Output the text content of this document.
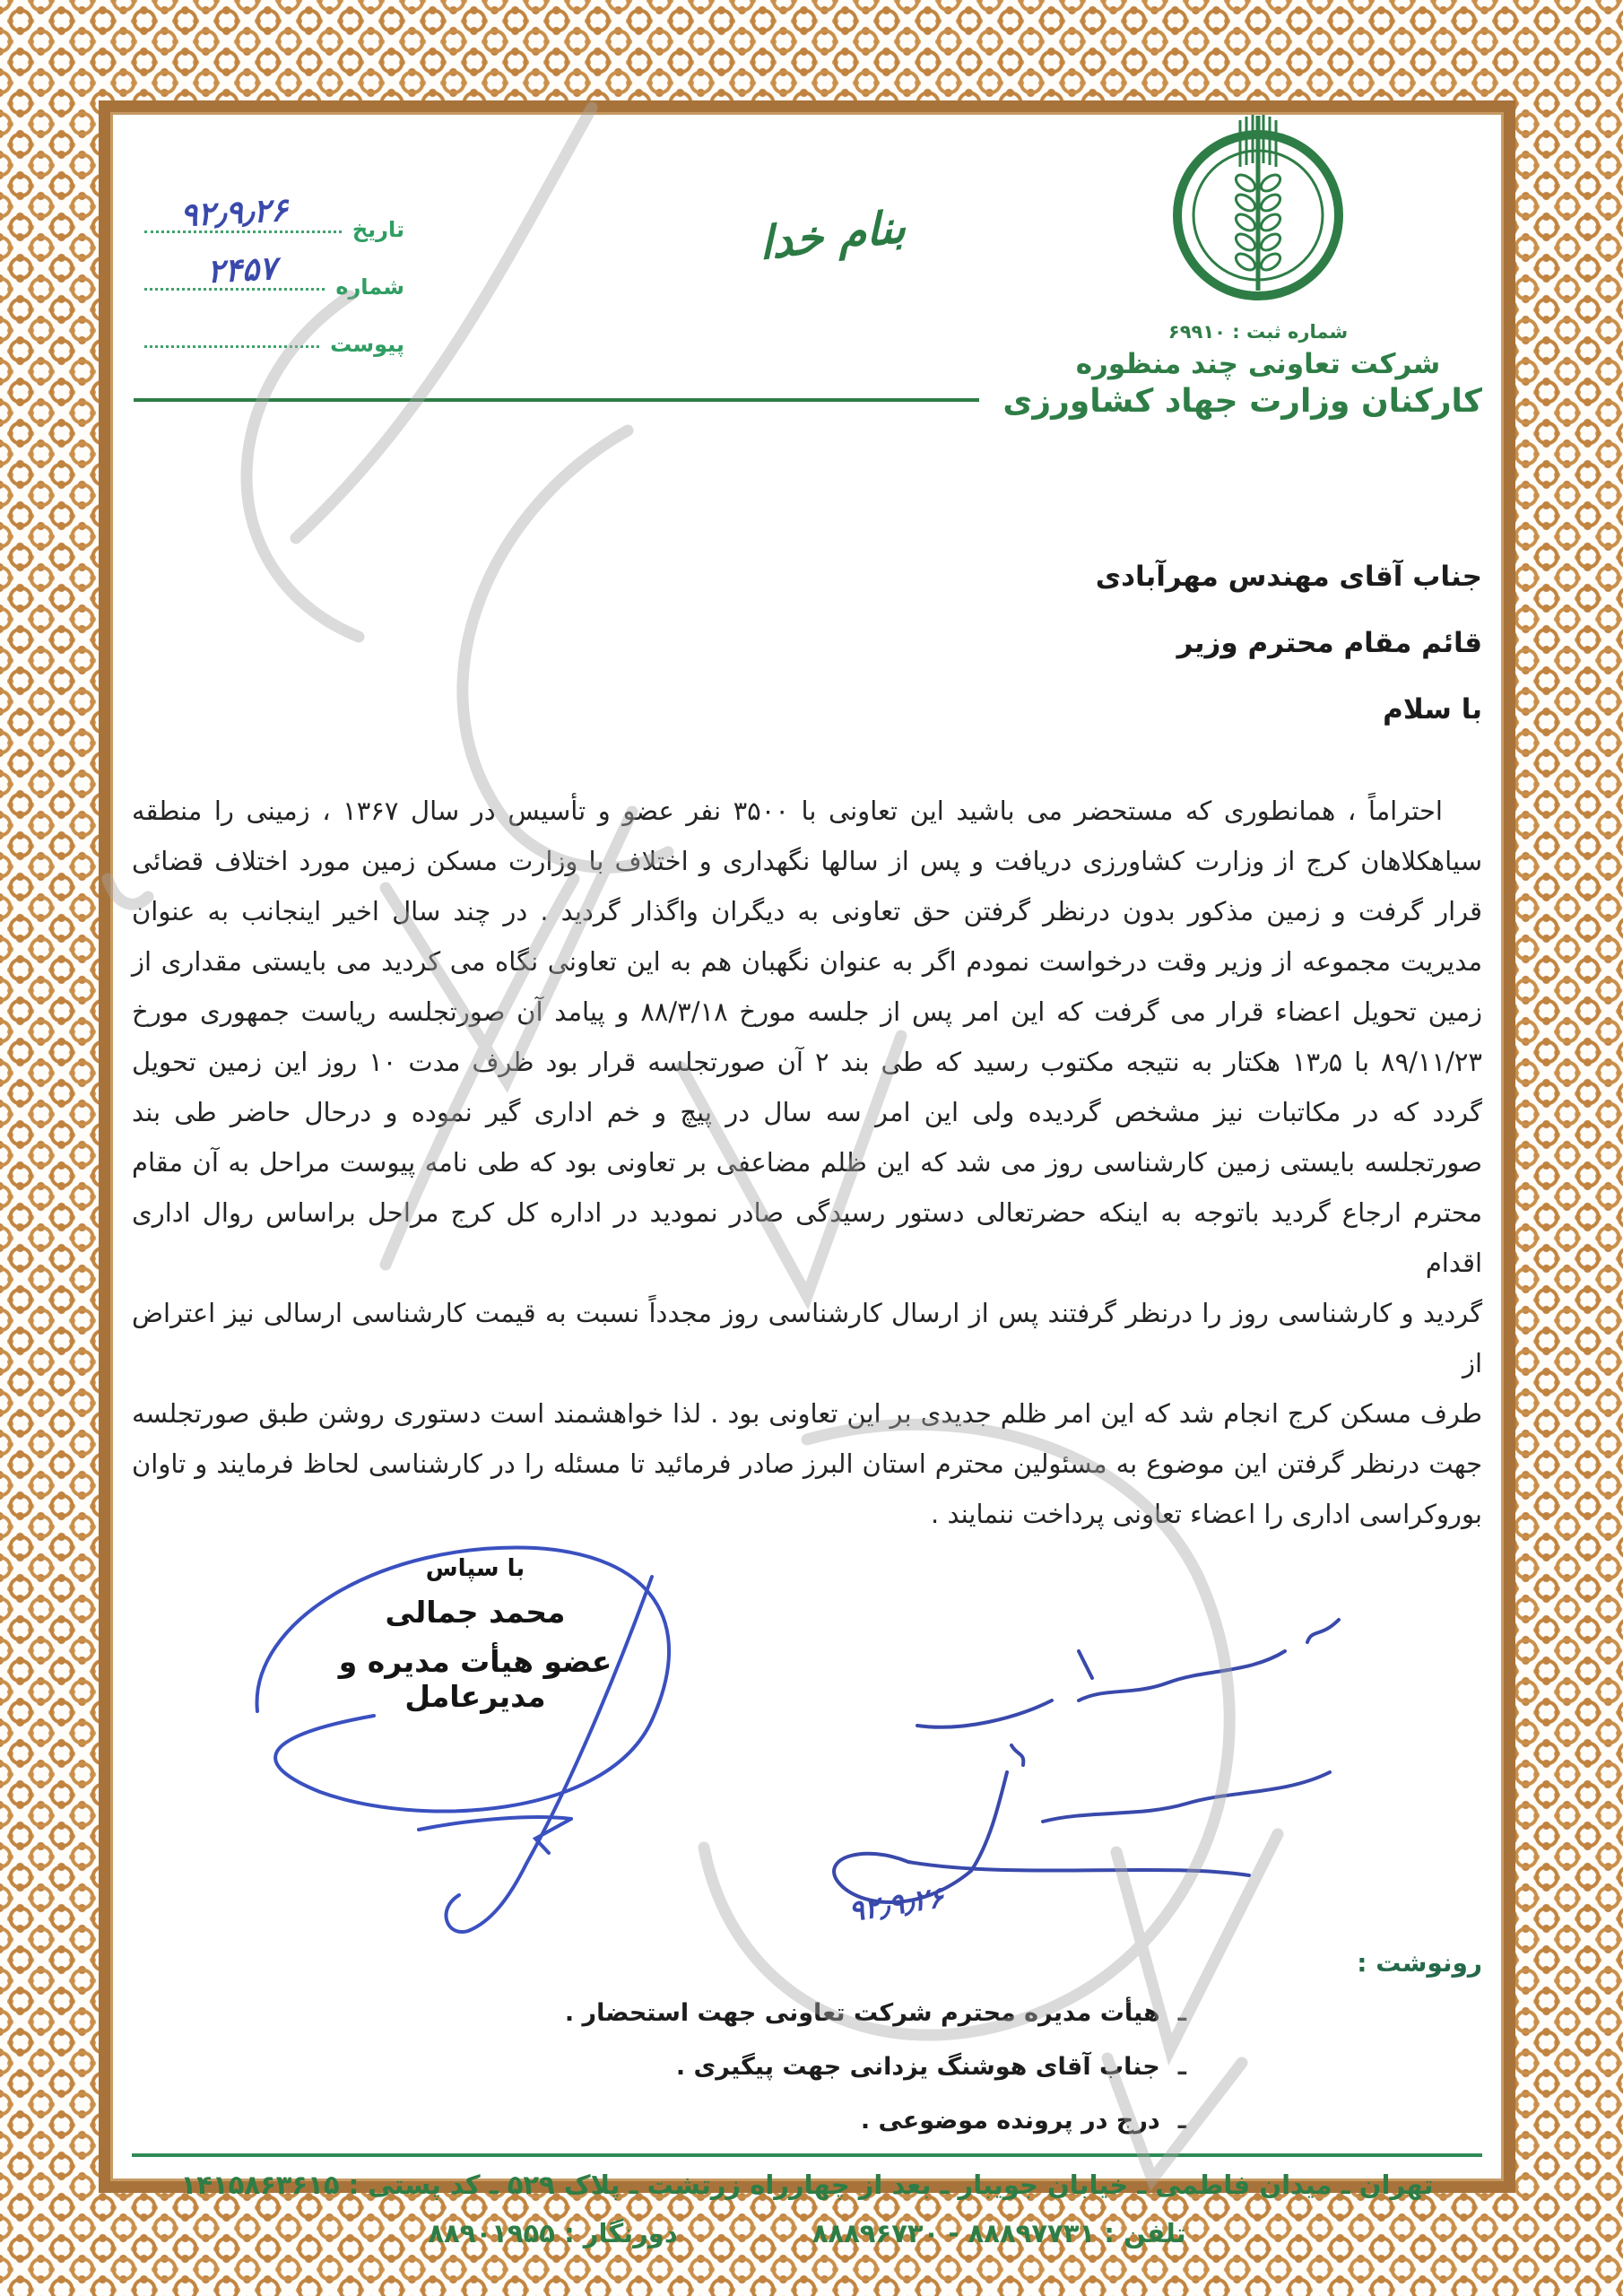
۹۲٫۹٫۲۶	تاریخ
۲۴۵۷	شماره
پیوست
بنام خدا
شماره ثبت : ۶۹۹۱۰
شرکت تعاونی چند منظوره
کارکنان وزارت جهاد کشاورزی
جناب آقای مهندس مهرآبادی
قائم مقام محترم وزیر
با سلام
احتراماً ، همانطوری که مستحضر می باشید این تعاونی با ۳۵۰۰ نفر عضو و تأسیس در سال ۱۳۶۷ ، زمینی را منطقه
سیاهکلاهان کرج از وزارت کشاورزی دریافت و پس از سالها نگهداری و اختلاف با وزارت مسکن زمین مورد اختلاف قضائی
قرار گرفت و زمین مذکور بدون درنظر گرفتن حق تعاونی به دیگران واگذار گردید . در چند سال اخیر اینجانب به عنوان
مدیریت مجموعه از وزیر وقت درخواست نمودم اگر به عنوان نگهبان هم به این تعاونی نگاه می کردید می بایستی مقداری از
زمین تحویل اعضاء قرار می گرفت که این امر پس از جلسه مورخ ۸۸/۳/۱۸ و پیامد آن صورتجلسه ریاست جمهوری مورخ
۸۹/۱۱/۲۳ با ۱۳٫۵ هکتار به نتیجه مکتوب رسید که طی بند ۲ آن صورتجلسه قرار بود ظرف مدت ۱۰ روز این زمین تحویل
گردد که در مکاتبات نیز مشخص گردیده ولی این امر سه سال در پیچ و خم اداری گیر نموده و درحال حاضر طی بند
صورتجلسه بایستی زمین کارشناسی روز می شد که این ظلم مضاعفی بر تعاونی بود که طی نامه پیوست مراحل به آن مقام
محترم ارجاع گردید باتوجه به اینکه حضرتعالی دستور رسیدگی صادر نمودید در اداره کل کرج مراحل براساس روال اداری اقدام
گردید و کارشناسی روز را درنظر گرفتند پس از ارسال کارشناسی روز مجدداً نسبت به قیمت کارشناسی ارسالی نیز اعتراض از
طرف مسکن کرج انجام شد که این امر ظلم جدیدی بر این تعاونی بود . لذا خواهشمند است دستوری روشن طبق صورتجلسه
جهت درنظر گرفتن این موضوع به مسئولین محترم استان البرز صادر فرمائید تا مسئله را در کارشناسی لحاظ فرمایند و تاوان
بوروکراسی اداری را اعضاء تعاونی پرداخت ننمایند .
با سپاس
محمد جمالی
عضو هیأت مدیره و مدیرعامل
۹۲٫۹٫۲۶
رونوشت :
ـ
هیأت مدیره محترم شرکت تعاونی جهت استحضار .
ـ
جناب آقای هوشنگ یزدانی جهت پیگیری .
ـ
درج در پرونده موضوعی .
تهران ـ میدان فاطمی ـ خیابان جویبار ـ بعد از چهارراه زرتشت ـ پلاک ۵۲۹ ـ کد پستی : ۱۴۱۵۸۶۳۶۱۵
تلفن : ۸۸۸۹۷۷۳۱ - ۸۸۸۹۶۷۳۰
دورنگار : ۸۸۹۰۱۹۵۵
